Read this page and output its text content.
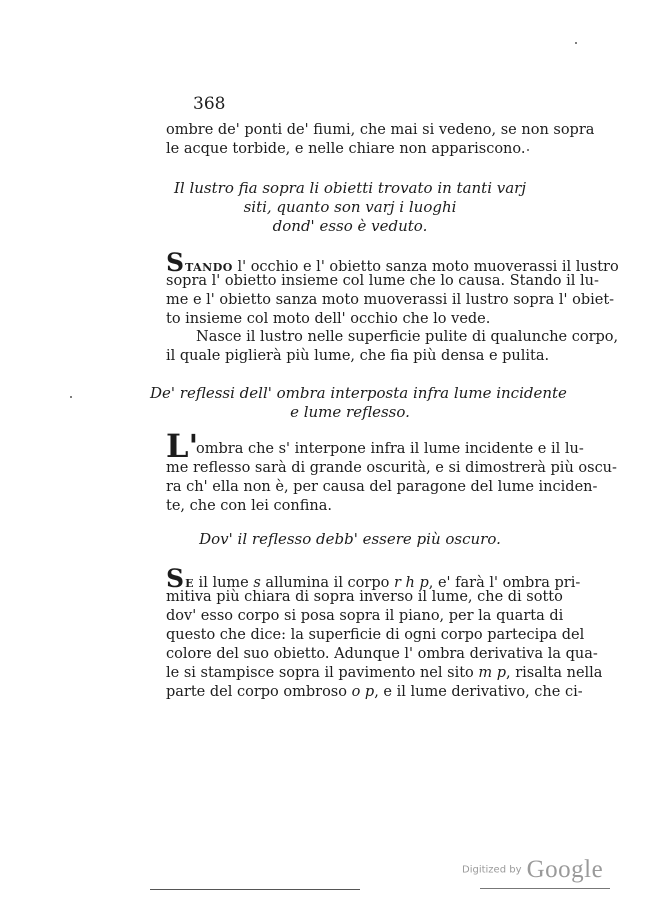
368
ombre de' ponti de' fiumi, che mai si vedeno, se non sopra
le acque torbide, e nelle chiare non appariscono.
Il lustro fia sopra li obietti trovato in tanti varj
siti, quanto son varj i luoghi
dond' esso è veduto.
STANDO l' occhio e l' obietto sanza moto muoverassi il lustro
sopra l' obietto insieme col lume che lo causa. Stando il lu-
me e l' obietto sanza moto muoverassi il lustro sopra l' obiet-
to insieme col moto dell' occhio che lo vede.
Nasce il lustro nelle superficie pulite di qualunche corpo,
il quale piglierà più lume, che fia più densa e pulita.
De' reflessi dell' ombra interposta infra lume incidente
e lume reflesso.
L'
ombra che s' interpone infra il lume incidente e il lu-
me reflesso sarà di grande oscurità, e si dimostrerà più oscu-
ra ch' ella non è, per causa del paragone del lume inciden-
te, che con lei confina.
Dov' il reflesso debb' essere più oscuro.
SE il lume s allumina il corpo r h p, e' farà l' ombra pri-
mitiva più chiara di sopra inverso il lume, che di sotto
dov' esso corpo si posa sopra il piano, per la quarta di
questo che dice: la superficie di ogni corpo partecipa del
colore del suo obietto. Adunque l' ombra derivativa la qua-
le si stampisce sopra il pavimento nel sito m p, risalta nella
parte del corpo ombroso o p, e il lume derivativo, che ci-
Digitized by Google
